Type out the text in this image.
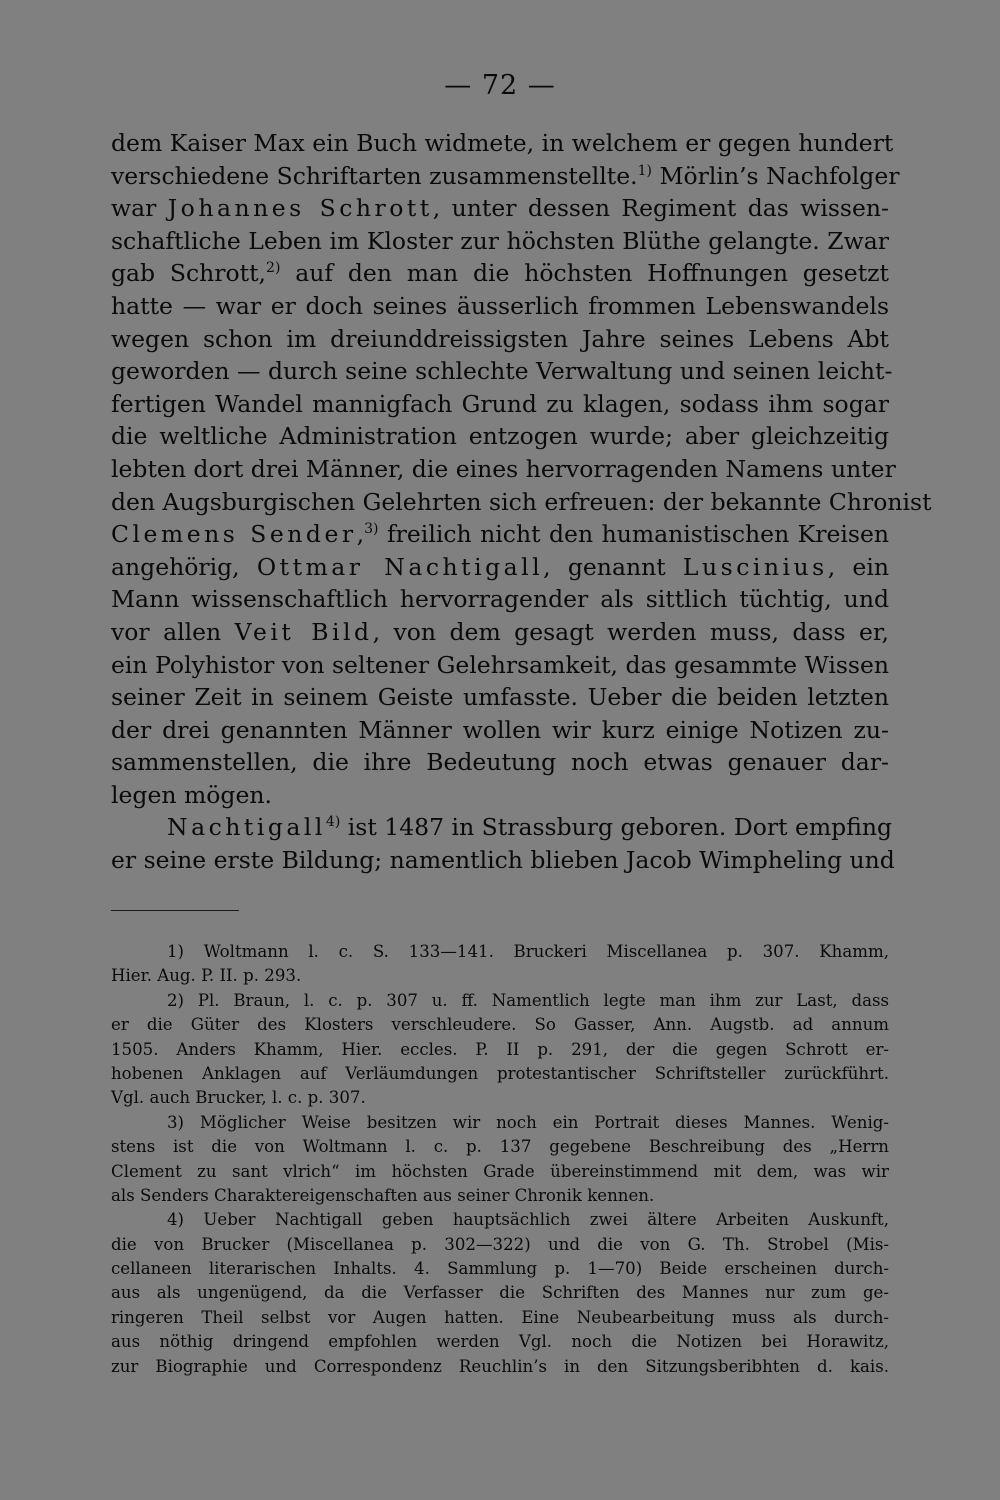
— 72 —
dem Kaiser Max ein Buch widmete, in welchem er gegen hundert
verschiedene Schriftarten zusammenstellte.$^{1)}$ Mörlin’s Nachfolger
war Johannes Schrott, unter dessen Regiment das wissen-
schaftliche Leben im Kloster zur höchsten Blüthe gelangte. Zwar
gab Schrott,$^{2)}$ auf den man die höchsten Hoffnungen gesetzt
hatte — war er doch seines äusserlich frommen Lebenswandels
wegen schon im dreiunddreissigsten Jahre seines Lebens Abt
geworden — durch seine schlechte Verwaltung und seinen leicht-
fertigen Wandel mannigfach Grund zu klagen, sodass ihm sogar
die weltliche Administration entzogen wurde; aber gleichzeitig
lebten dort drei Männer, die eines hervorragenden Namens unter
den Augsburgischen Gelehrten sich erfreuen: der bekannte Chronist
Clemens Sender,$^{3)}$ freilich nicht den humanistischen Kreisen
angehörig, Ottmar Nachtigall, genannt Luscinius, ein
Mann wissenschaftlich hervorragender als sittlich tüchtig, und
vor allen Veit Bild, von dem gesagt werden muss, dass er,
ein Polyhistor von seltener Gelehrsamkeit, das gesammte Wissen
seiner Zeit in seinem Geiste umfasste. Ueber die beiden letzten
der drei genannten Männer wollen wir kurz einige Notizen zu-
sammenstellen, die ihre Bedeutung noch etwas genauer dar-
legen mögen.
Nachtigall$^{4)}$ ist 1487 in Strassburg geboren. Dort empfing
er seine erste Bildung; namentlich blieben Jacob Wimpheling und
1) Woltmann l. c. S. 133—141. Bruckeri Miscellanea p. 307. Khamm,
Hier. Aug. P. II. p. 293.
2) Pl. Braun, l. c. p. 307 u. ff. Namentlich legte man ihm zur Last, dass
er die Güter des Klosters verschleudere. So Gasser, Ann. Augstb. ad annum
1505. Anders Khamm, Hier. eccles. P. II p. 291, der die gegen Schrott er-
hobenen Anklagen auf Verläumdungen protestantischer Schriftsteller zurückführt.
Vgl. auch Brucker, l. c. p. 307.
3) Möglicher Weise besitzen wir noch ein Portrait dieses Mannes. Wenig-
stens ist die von Woltmann l. c. p. 137 gegebene Beschreibung des „Herrn
Clement zu sant vlrich“ im höchsten Grade übereinstimmend mit dem, was wir
als Senders Charaktereigenschaften aus seiner Chronik kennen.
4) Ueber Nachtigall geben hauptsächlich zwei ältere Arbeiten Auskunft,
die von Brucker (Miscellanea p. 302—322) und die von G. Th. Strobel (Mis-
cellaneen literarischen Inhalts. 4. Sammlung p. 1—70) Beide erscheinen durch-
aus als ungenügend, da die Verfasser die Schriften des Mannes nur zum ge-
ringeren Theil selbst vor Augen hatten. Eine Neubearbeitung muss als durch-
aus nöthig dringend empfohlen werden Vgl. noch die Notizen bei Horawitz,
zur Biographie und Correspondenz Reuchlin’s in den Sitzungsberibhten d. kais.
